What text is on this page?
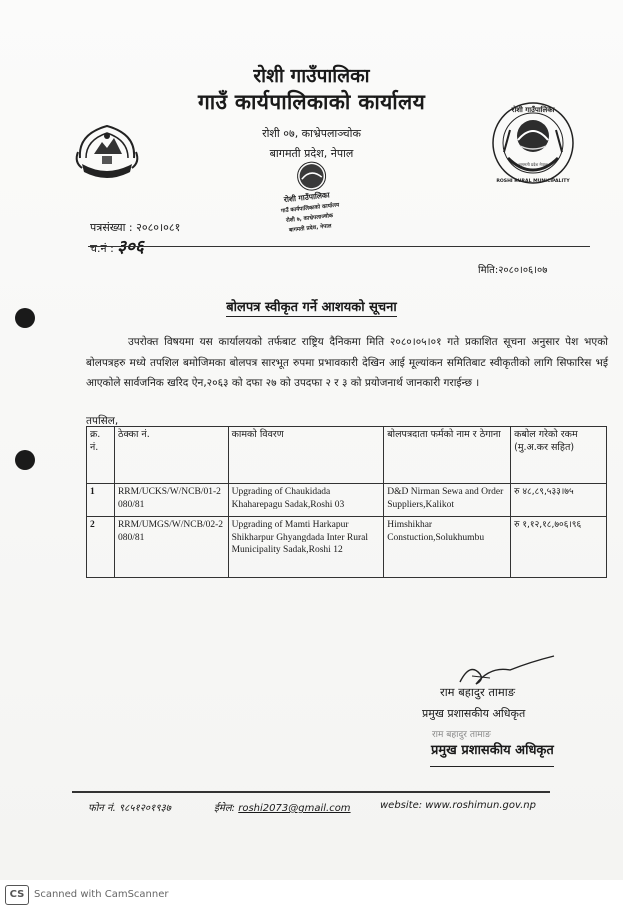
रोशी गाउँपालिका
ROSHI RURAL MUNICIPALITY
बागमती प्रदेश नेपाल
रोशी गाउँपालिका
गाउँ कार्यपालिकाको कार्यालय
रोशी ०७, काभ्रेपलाञ्चोक
बागमती प्रदेश, नेपाल
रोशी गाउँपालिका
गाउँ कार्यपालिकाको कार्यालय
रोशी ७, काभ्रेपलाञ्चोक
बागमती प्रदेश, नेपाल
पत्रसंख्या : २०८०।०८१
च.नं : ३०६
मिति:२०८०।०६।०७
बोलपत्र स्वीकृत गर्ने आशयको सूचना
उपरोक्त विषयमा यस कार्यालयको तर्फबाट राष्ट्रिय दैनिकमा मिति २०८०।०५।०१ गते प्रकाशित सूचना अनुसार पेश भएको बोलपत्रहरु मध्ये तपशिल बमोजिमका बोलपत्र सारभूत रुपमा प्रभावकारी देखिन आई मूल्यांकन समितिबाट स्वीकृतीको लागि सिफारिस भई आएकोले सार्वजनिक खरिद ऐन,२०६३ को दफा २७ को उपदफा २ र ३ को प्रयोजनार्थ जानकारी गराईन्छ ।
तपसिल,
क्र. नं.	ठेक्का नं.	कामको विवरण	बोलपत्रदाता फर्मको नाम र ठेगाना	कबोल गरेको रकम (मु.अ.कर सहित)
1	RRM/UCKS/W/NCB/01-2080/81	Upgrading of Chaukidada Khaharepagu Sadak,Roshi 03	D&D Nirman Sewa and Order Suppliers,Kalikot	रु ४८,८९,५३३।७५
2	RRM/UMGS/W/NCB/02-2080/81	Upgrading of Mamti Harkapur Shikharpur Ghyangdada Inter Rural Municipality Sadak,Roshi 12	Himshikhar Constuction,Solukhumbu	रु १,१२,१८,७०६।९६
राम बहादुर तामाङ
प्रमुख प्रशासकीय अधिकृत
राम बहादुर तामाङ
प्रमुख प्रशासकीय अधिकृत
फोन नं. ९८५१२०१९३७	ईमेल: roshi2073@gmail.com	website: www.roshimun.gov.np
CS Scanned with CamScanner
